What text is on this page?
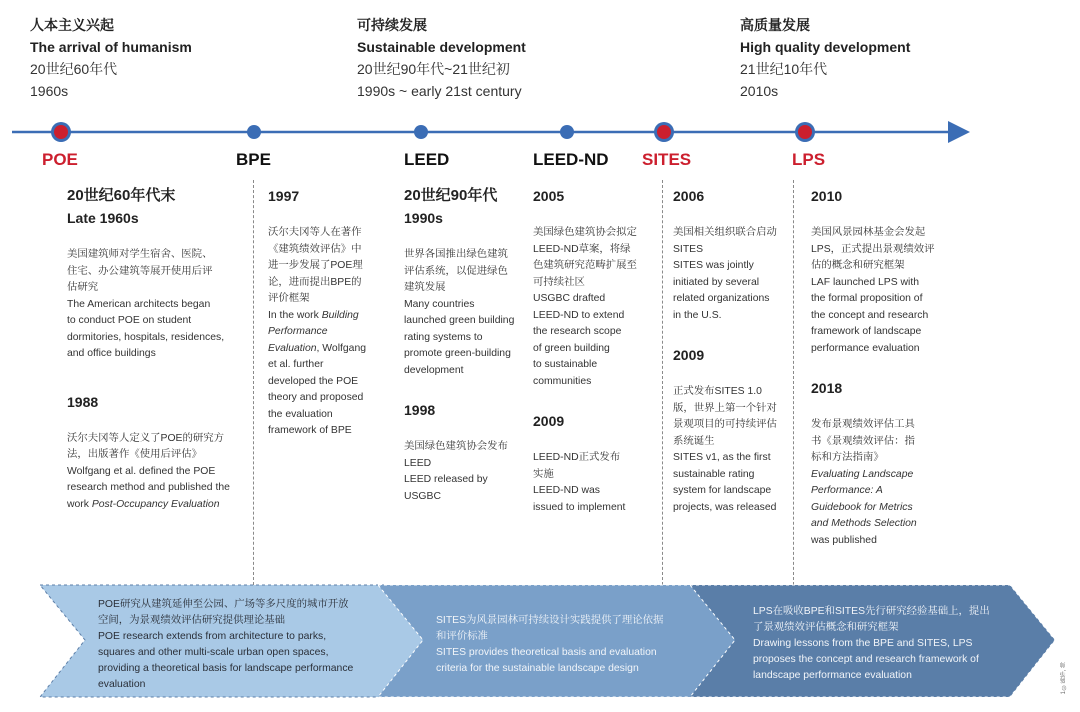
人本主义兴起
The arrival of humanism
20世纪60年代
1960s
可持续发展
Sustainable development
20世纪90年代~21世纪初
1990s ~ early 21st century
高质量发展
High quality development
21世纪10年代
2010s
POE	BPE	LEED	LEED-ND SITES	LPS
20世纪60年代末
Late 1960s
美国建筑师对学生宿舍、医院、
住宅、办公建筑等展开使用后评
估研究
The American architects began
to conduct POE on student
dormitories, hospitals, residences,
and office buildings
1988
沃尔夫冈等人定义了POE的研究方
法，出版著作《使用后评估》
Wolfgang et al. defined the POE
research method and published the
work Post-Occupancy Evaluation
1997
沃尔夫冈等人在著作
《建筑绩效评估》中
进一步发展了POE理
论，进而提出BPE的
评价框架
In the work Building
Performance
Evaluation, Wolfgang
et al. further
developed the POE
theory and proposed
the evaluation
framework of BPE
20世纪90年代
1990s
世界各国推出绿色建筑
评估系统，以促进绿色
建筑发展
Many countries
launched green building
rating systems to
promote green-building
development
1998
美国绿色建筑协会发布
LEED
LEED released by
USGBC
2005
美国绿色建筑协会拟定
LEED-ND草案，将绿
色建筑研究范畴扩展至
可持续社区
USGBC drafted
LEED-ND to extend
the research scope
of green building
to sustainable
communities
2009
LEED-ND正式发布
实施
LEED-ND was
issued to implement
2006
美国相关组织联合启动
SITES
SITES was jointly
initiated by several
related organizations
in the U.S.
2009
正式发布SITES 1.0
版，世界上第一个针对
景观项目的可持续评估
系统诞生
SITES v1, as the first
sustainable rating
system for landscape
projects, was released
2010
美国风景园林基金会发起
LPS，正式提出景观绩效评
估的概念和研究框架
LAF launched LPS with
the formal proposition of
the concept and research
framework of landscape
performance evaluation
2018
发布景观绩效评估工具
书《景观绩效评估：指
标和方法指南》
Evaluating Landscape
Performance: A
Guidebook for Metrics
and Methods Selection
was published
POE研究从建筑延伸至公园、广场等多尺度的城市开放
空间，为景观绩效评估研究提供理论基础
POE research extends from architecture to parks,
squares and other multi-scale urban open spaces,
providing a theoretical basis for landscape performance
evaluation
SITES为风景园林可持续设计实践提供了理论依据
和评价标准
SITES provides theoretical basis and evaluation
criteria for the sustainable landscape design
LPS在吸收BPE和SITES先行研究经验基础上，提出
了景观绩效评估概念和研究框架
Drawing lessons from the BPE and SITES, LPS
proposes the concept and research framework of
landscape performance evaluation	1 ©陈筝, 帅
